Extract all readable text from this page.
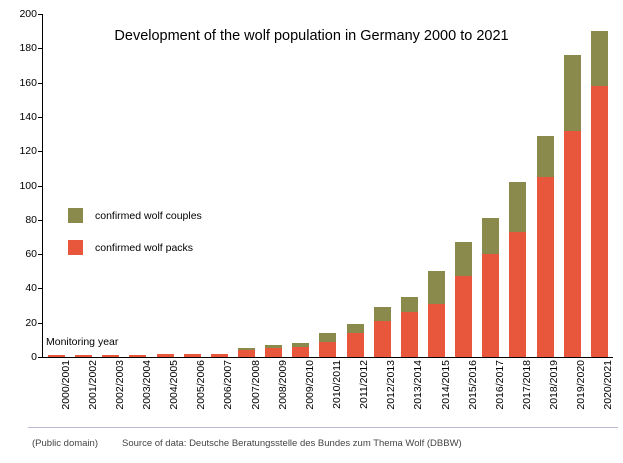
Development of the wolf population in Germany 2000 to 2021
0
20
40
60
80
100
120
140
160
180
200
2000/2001 2001/2002 2002/2003 2003/2004 2004/2005 2005/2006 2006/2007 2007/2008 2008/2009 2009/2010 2010/2011 2011/2012 2012/2013 2013/2014 2014/2015 2015/2016 2016/2017 2017/2018 2018/2019 2019/2020 2020/2021
Monitoring year
confirmed wolf couples
confirmed wolf packs
(Public domain)	Source of data: Deutsche Beratungsstelle des Bundes zum Thema Wolf (DBBW)
